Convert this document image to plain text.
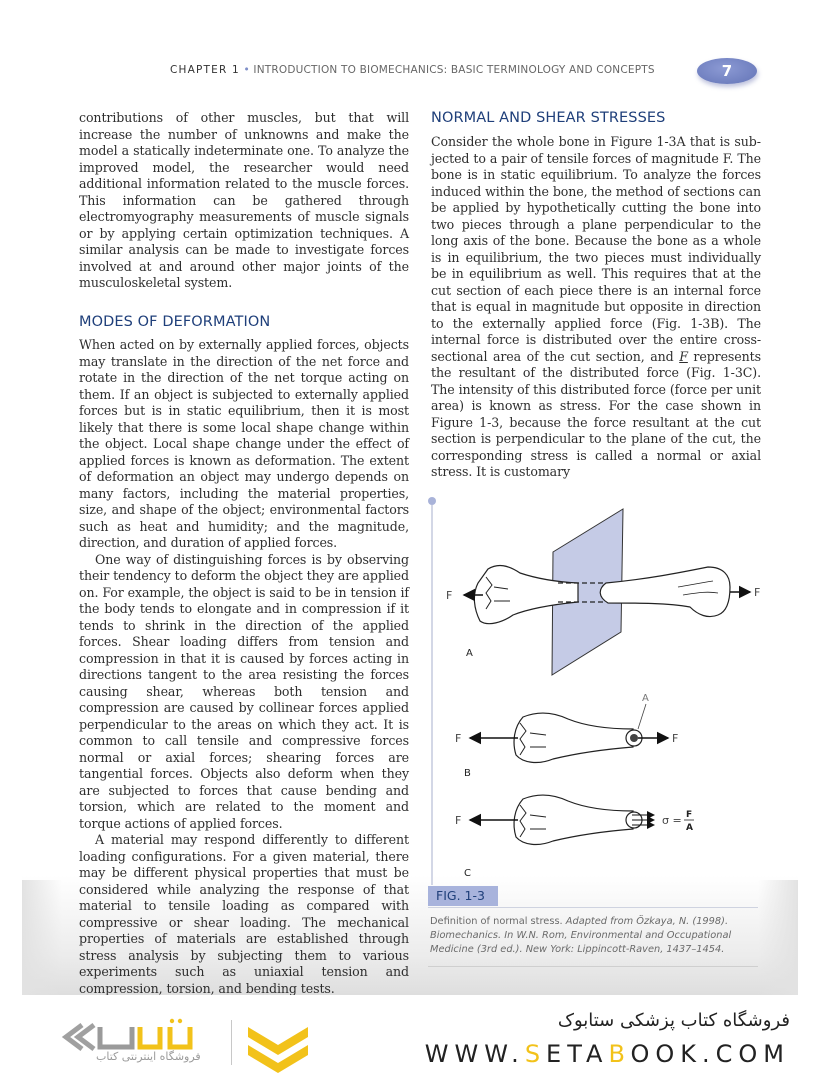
CHAPTER 1 • INTRODUCTION TO BIOMECHANICS: BASIC TERMINOLOGY AND CONCEPTS	7

contributions of other muscles, but that will increase the number of unknowns and make the model a statically indeterminate one. To analyze the improved model, the researcher would need additional information related to the muscle forces. This information can be gathered through electromyography measurements of muscle signals or by applying certain optimization techniques. A similar analysis can be made to investigate forces involved at and around other major joints of the musculoskeletal system.

MODES OF DEFORMATION

When acted on by externally applied forces, objects may translate in the direction of the net force and rotate in the direction of the net torque acting on them. If an object is subjected to externally applied forces but is in static equilibrium, then it is most likely that there is some local shape change within the object. Local shape change under the effect of applied forces is known as deformation. The extent of deformation an object may undergo depends on many factors, including the material properties, size, and shape of the object; environmental factors such as heat and humidity; and the magnitude, direction, and duration of applied forces.

One way of distinguishing forces is by observing their tendency to deform the object they are applied on. For example, the object is said to be in tension if the body tends to elongate and in compression if it tends to shrink in the direction of the applied forces. Shear loading differs from tension and compression in that it is caused by forces acting in directions tangent to the area resisting the forces causing shear, whereas both tension and compression are caused by collinear forces applied perpendicular to the areas on which they act. It is common to call tensile and compressive forces normal or axial forces; shearing forces are tangential forces. Objects also deform when they are subjected to forces that cause bending and torsion, which are related to the moment and torque actions of applied forces.

A material may respond differently to different loading configurations. For a given material, there may be different physical properties that must be considered while analyzing the response of that material to tensile loading as compared with compressive or shear loading. The mechanical properties of materials are established through stress analysis by subjecting them to various experiments such as uniaxial tension and compression, torsion, and bending tests.

NORMAL AND SHEAR STRESSES

Consider the whole bone in Figure 1-3A that is subjected to a pair of tensile forces of magnitude F. The bone is in static equilibrium. To analyze the forces induced within the bone, the method of sections can be applied by hypothetically cutting the bone into two pieces through a plane perpendicular to the long axis of the bone. Because the bone as a whole is in equilibrium, the two pieces must individually be in equilibrium as well. This requires that at the cut section of each piece there is an internal force that is equal in magnitude but opposite in direction to the externally applied force (Fig. 1-3B). The internal force is distributed over the entire cross-sectional area of the cut section, and F represents the resultant of the distributed force (Fig. 1-3C). The intensity of this distributed force (force per unit area) is known as stress. For the case shown in Figure 1-3, because the force resultant at the cut section is perpendicular to the plane of the cut, the corresponding stress is called a normal or axial stress. It is customary

F	F
A
A
F	F
B
F	σ = F
A
C
FIG. 1-3
Definition of normal stress. Adapted from Özkaya, N. (1998). Biomechanics. In W.N. Rom, Environmental and Occupational Medicine (3rd ed.). New York: Lippincott-Raven, 1437–1454.
فروشگاه اینترنتی کتاب
فروشگاه کتاب پزشکی ستابوک
WWW.SETABOOK.COM
